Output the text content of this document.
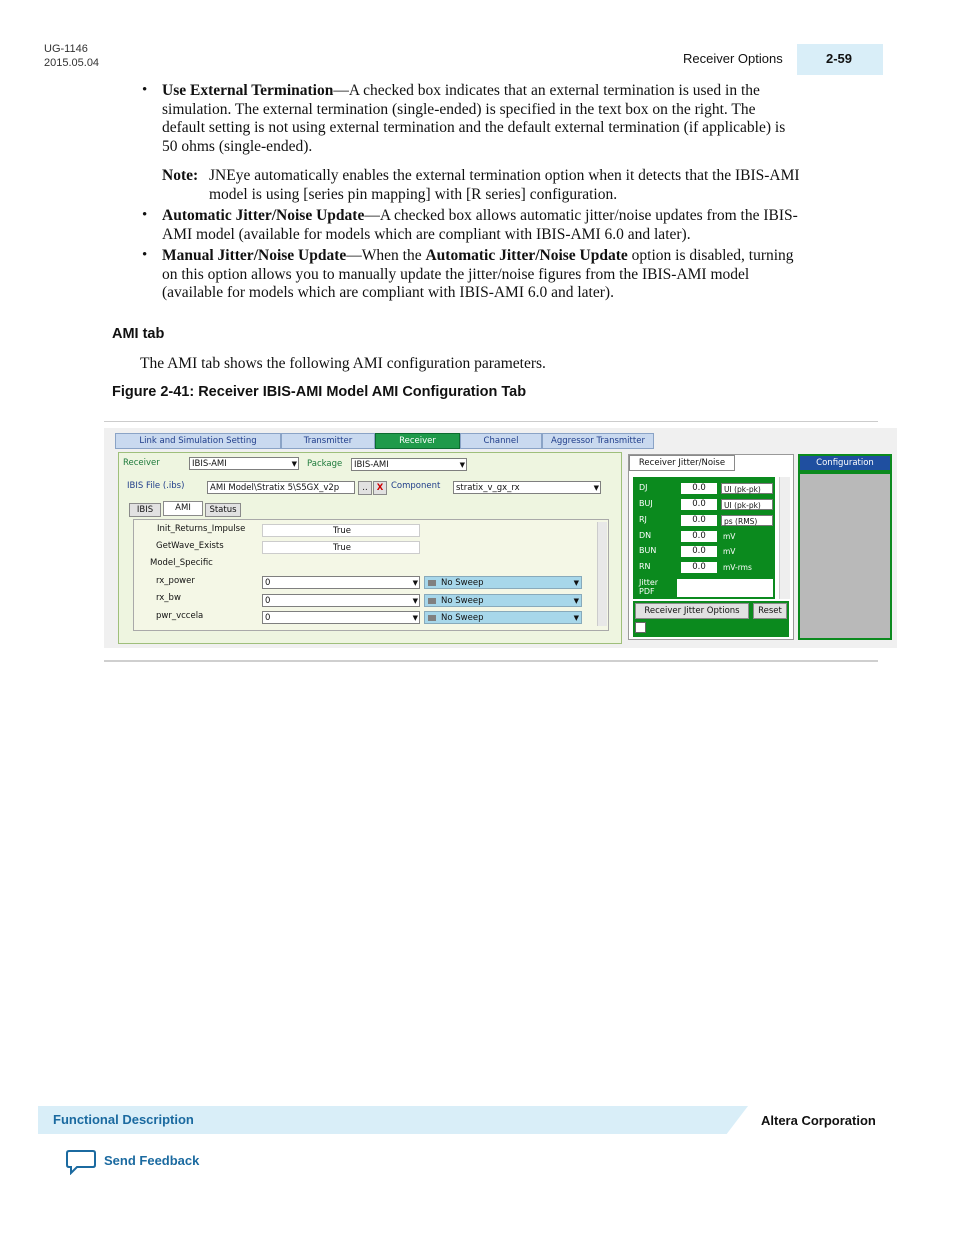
UG-1146
2015.05.04	Receiver Options	2-59
• Use External Termination—A checked box indicates that an external termination is used in the
simulation. The external termination (single-ended) is specified in the text box on the right. The
default setting is not using external termination and the default external termination (if applicable) is
50 ohms (single-ended).
Note: JNEye automatically enables the external termination option when it detects that the IBIS-AMI
model is using [series pin mapping] with [R series] configuration.
• Automatic Jitter/Noise Update—A checked box allows automatic jitter/noise updates from the IBIS-
AMI model (available for models which are compliant with IBIS-AMI 6.0 and later).
• Manual Jitter/Noise Update—When the Automatic Jitter/Noise Update option is disabled, turning
on this option allows you to manually update the jitter/noise figures from the IBIS-AMI model
(available for models which are compliant with IBIS-AMI 6.0 and later).
AMI tab
The AMI tab shows the following AMI configuration parameters.
Figure 2-41: Receiver IBIS-AMI Model AMI Configuration Tab
Link and Simulation Setting	Transmitter	Receiver	Channel	Aggressor Transmitter
Receiver	IBIS-AMI	▼ Package	IBIS-AMI	▼
IBIS File (.ibs)	AMI Model\Stratix 5\S5GX_v2p	..	X Component	stratix_v_gx_rx	▼
IBIS	AMI	Status
Init_Returns_Impulse	True
GetWave_Exists	True
Model_Specific
rx_power	0	▼	No Sweep	▼
rx_bw	0	▼	No Sweep	▼
pwr_vccela	0	▼	No Sweep	▼
Receiver Jitter/Noise
DJ	0.0	UI (pk-pk)
BUJ	0.0	UI (pk-pk)
RJ	0.0	ps (RMS)
DN	0.0	mV
BUN	0.0	mV
RN	0.0	mV-rms
Jitter PDF
Receiver Jitter Options	Reset
Configuration
Functional Description	Altera Corporation
Send Feedback
